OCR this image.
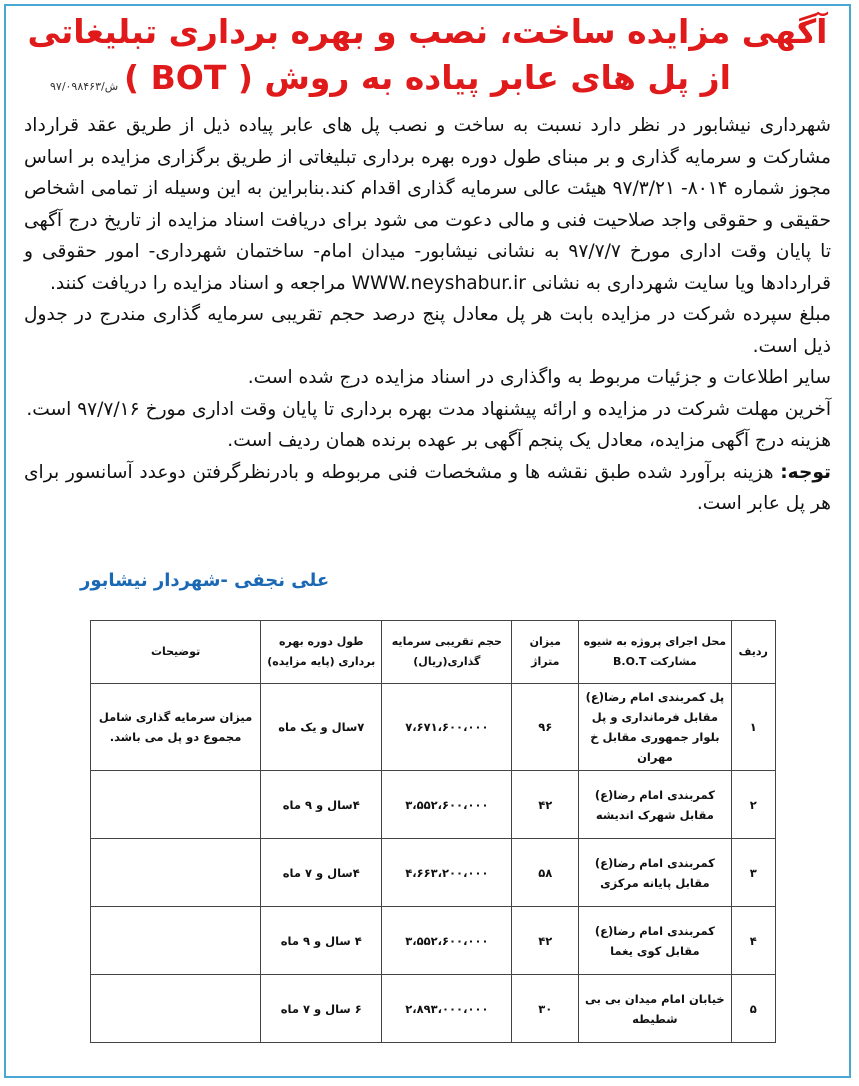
آگهی مزایده ساخت، نصب و بهره برداری تبلیغاتی
از پل های عابر پیاده به روش ( BOT )
۹۷/۰۹۸۴۶۳/ش

شهرداری نیشابور در نظر دارد نسبت به ساخت و نصب پل های عابر پیاده ذیل از طریق عقد قرارداد مشارکت و سرمایه گذاری و بر مبنای طول دوره بهره برداری تبلیغاتی از طریق برگزاری مزایده بر اساس مجوز شماره ۸۰۱۴- ۹۷/۳/۲۱ هیئت عالی سرمایه گذاری اقدام کند.بنابراین به این وسیله از تمامی اشخاص حقیقی و حقوقی واجد صلاحیت فنی و مالی دعوت می شود برای دریافت اسناد مزایده از تاریخ درج آگهی تا پایان وقت اداری مورخ ۹۷/۷/۷ به نشانی نیشابور- میدان امام- ساختمان شهرداری- امور حقوقی و قراردادها ویا سایت شهرداری به نشانی WWW.neyshabur.ir مراجعه و اسناد مزایده را دریافت کنند.

مبلغ سپرده شرکت در مزایده بابت هر پل معادل پنج درصد حجم تقریبی سرمایه گذاری مندرج در جدول ذیل است.

سایر اطلاعات و جزئیات مربوط به واگذاری در اسناد مزایده درج شده است.

آخرین مهلت شرکت در مزایده و ارائه پیشنهاد مدت بهره برداری تا پایان وقت اداری مورخ ۹۷/۷/۱۶ است.

هزینه درج آگهی مزایده، معادل یک پنجم آگهی بر عهده برنده همان ردیف است.

توجه: هزینه برآورد شده طبق نقشه ها و مشخصات فنی مربوطه و بادرنظرگرفتن دوعدد آسانسور برای هر پل عابر است.

علی نجفی -شهردار نیشابور
ردیف	محل اجرای پروژه به شیوه مشارکت B.O.T	میزان متراژ	حجم تقریبی سرمایه گذاری(ریال)	طول دوره بهره برداری (پایه مزایده)	توضیحات
۱	پل کمربندی امام رضا(ع) مقابل فرمانداری و پل بلوار جمهوری مقابل خ مهران	۹۶	۷،۶۷۱،۶۰۰،۰۰۰	۷سال و یک ماه	میزان سرمایه گذاری شامل مجموع دو پل می باشد.
۲	کمربندی امام رضا(ع) مقابل شهرک اندیشه	۴۲	۳،۵۵۲،۶۰۰،۰۰۰	۴سال و ۹ ماه	
۳	کمربندی امام رضا(ع) مقابل پایانه مرکزی	۵۸	۴،۶۶۳،۲۰۰،۰۰۰	۴سال و ۷ ماه	
۴	کمربندی امام رضا(ع) مقابل کوی یغما	۴۲	۳،۵۵۲،۶۰۰،۰۰۰	۴ سال و ۹ ماه	
۵	خیابان امام میدان بی بی شطیطه	۳۰	۲،۸۹۳،۰۰۰،۰۰۰	۶ سال و ۷ ماه	
